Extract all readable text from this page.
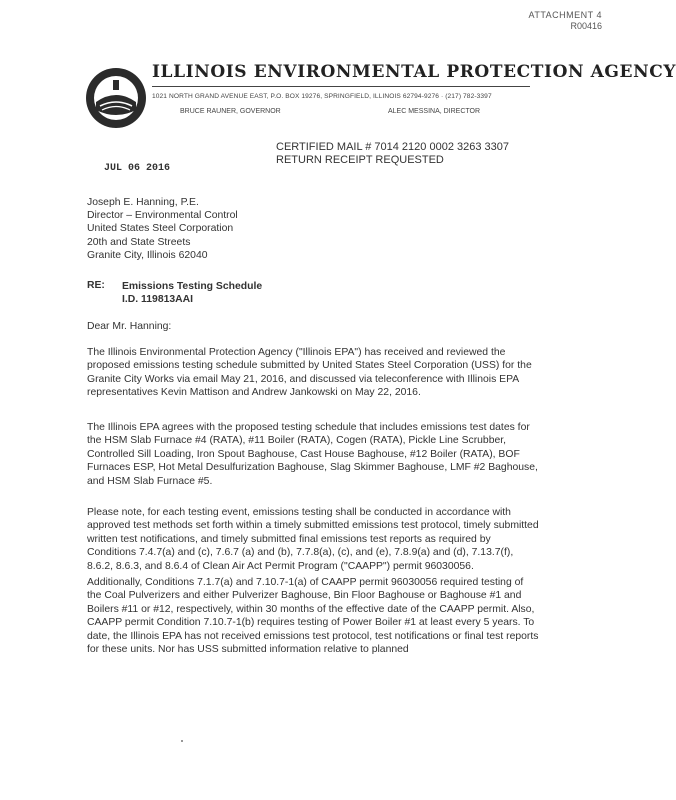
ATTACHMENT 4
R00416
ILLINOIS ENVIRONMENTAL PROTECTION AGENCY
1021 NORTH GRAND AVENUE EAST, P.O. BOX 19276, SPRINGFIELD, ILLINOIS 62794-9276 · (217) 782-3397
BRUCE RAUNER, GOVERNOR	ALEC MESSINA, DIRECTOR
CERTIFIED MAIL # 7014 2120 0002 3263 3307
RETURN RECEIPT REQUESTED
JUL 06 2016
Joseph E. Hanning, P.E.
Director – Environmental Control
United States Steel Corporation
20th and State Streets
Granite City, Illinois 62040
RE: Emissions Testing Schedule
I.D. 119813AAI
Dear Mr. Hanning:
The Illinois Environmental Protection Agency ("Illinois EPA") has received and reviewed the proposed emissions testing schedule submitted by United States Steel Corporation (USS) for the Granite City Works via email May 21, 2016, and discussed via teleconference with Illinois EPA representatives Kevin Mattison and Andrew Jankowski on May 22, 2016.
The Illinois EPA agrees with the proposed testing schedule that includes emissions test dates for the HSM Slab Furnace #4 (RATA), #11 Boiler (RATA), Cogen (RATA), Pickle Line Scrubber, Controlled Sill Loading, Iron Spout Baghouse, Cast House Baghouse, #12 Boiler (RATA), BOF Furnaces ESP, Hot Metal Desulfurization Baghouse, Slag Skimmer Baghouse, LMF #2 Baghouse, and HSM Slab Furnace #5.
Please note, for each testing event, emissions testing shall be conducted in accordance with approved test methods set forth within a timely submitted emissions test protocol, timely submitted written test notifications, and timely submitted final emissions test reports as required by Conditions 7.4.7(a) and (c), 7.6.7 (a) and (b), 7.7.8(a), (c), and (e), 7.8.9(a) and (d), 7.13.7(f), 8.6.2, 8.6.3, and 8.6.4 of Clean Air Act Permit Program ("CAAPP") permit 96030056.
Additionally, Conditions 7.1.7(a) and 7.10.7-1(a) of CAAPP permit 96030056 required testing of the Coal Pulverizers and either Pulverizer Baghouse, Bin Floor Baghouse or Baghouse #1 and Boilers #11 or #12, respectively, within 30 months of the effective date of the CAAPP permit. Also, CAAPP permit Condition 7.10.7-1(b) requires testing of Power Boiler #1 at least every 5 years. To date, the Illinois EPA has not received emissions test protocol, test notifications or final test reports for these units. Nor has USS submitted information relative to planned
